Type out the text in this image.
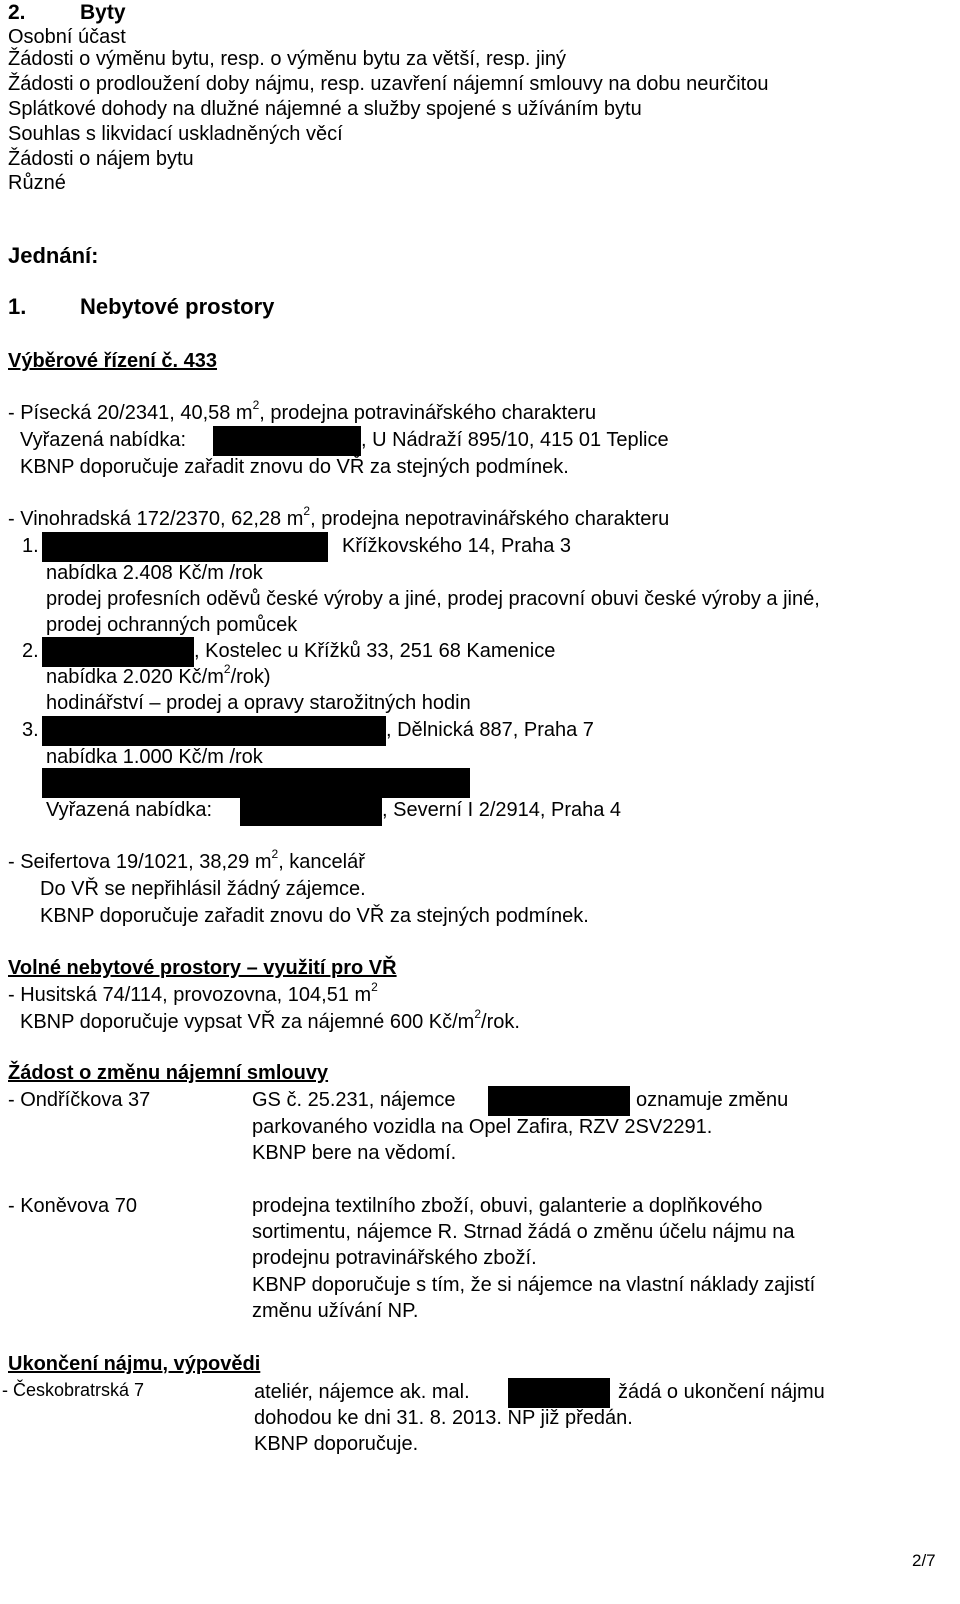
2.	Byty
Osobní účast
Žádosti o výměnu bytu, resp. o výměnu bytu za větší, resp. jiný
Žádosti o prodloužení doby nájmu, resp. uzavření nájemní smlouvy na dobu neurčitou
Splátkové dohody na dlužné nájemné a služby spojené s užíváním bytu
Souhlas s likvidací uskladněných věcí
Žádosti o nájem bytu
Různé
Jednání:
1. Nebytové prostory
Výběrové řízení č. 433
- Písecká 20/2341, 40,58 $m^2$, prodejna potravinářského charakteru
Vyřazená nabídka:	, U Nádraží 895/10, 415 01 Teplice
KBNP doporučuje zařadit znovu do VŘ za stejných podmínek.
- Vinohradská 172/2370, 62,28 $m^2$, prodejna nepotravinářského charakteru
1.	Křížkovského 14, Praha 3
nabídka 2.408 Kč/m /rok
prodej profesních oděvů české výroby a jiné, prodej pracovní obuvi české výroby a jiné,
prodej ochranných pomůcek
2.	, Kostelec u Křížků 33, 251 68 Kamenice
nabídka 2.020 $Kč/m^2/rok$)
hodinářství – prodej a opravy starožitných hodin
3.	, Dělnická 887, Praha 7
nabídka 1.000 Kč/m /rok
Vyřazená nabídka:	, Severní I 2/2914, Praha 4
- Seifertova 19/1021, 38,29 $m^2$, kancelář
Do VŘ se nepřihlásil žádný zájemce.
KBNP doporučuje zařadit znovu do VŘ za stejných podmínek.
Volné nebytové prostory – využití pro VŘ
- Husitská 74/114, provozovna, 104,51 $m^2$
KBNP doporučuje vypsat VŘ za nájemné 600 $Kč/m^2$/rok.
Žádost o změnu nájemní smlouvy
- Ondříčkova 37	GS č. 25.231, nájemce	oznamuje změnu
parkovaného vozidla na Opel Zafira, RZV 2SV2291.
KBNP bere na vědomí.
- Koněvova 70	prodejna textilního zboží, obuvi, galanterie a doplňkového
sortimentu, nájemce R. Strnad žádá o změnu účelu nájmu na
prodejnu potravinářského zboží.
KBNP doporučuje s tím, že si nájemce na vlastní náklady zajistí
změnu užívání NP.
Ukončení nájmu, výpovědi
- Českobratrská 7	ateliér, nájemce ak. mal.	žádá o ukončení nájmu
dohodou ke dni 31. 8. 2013. NP již předán.
KBNP doporučuje.
2/7
